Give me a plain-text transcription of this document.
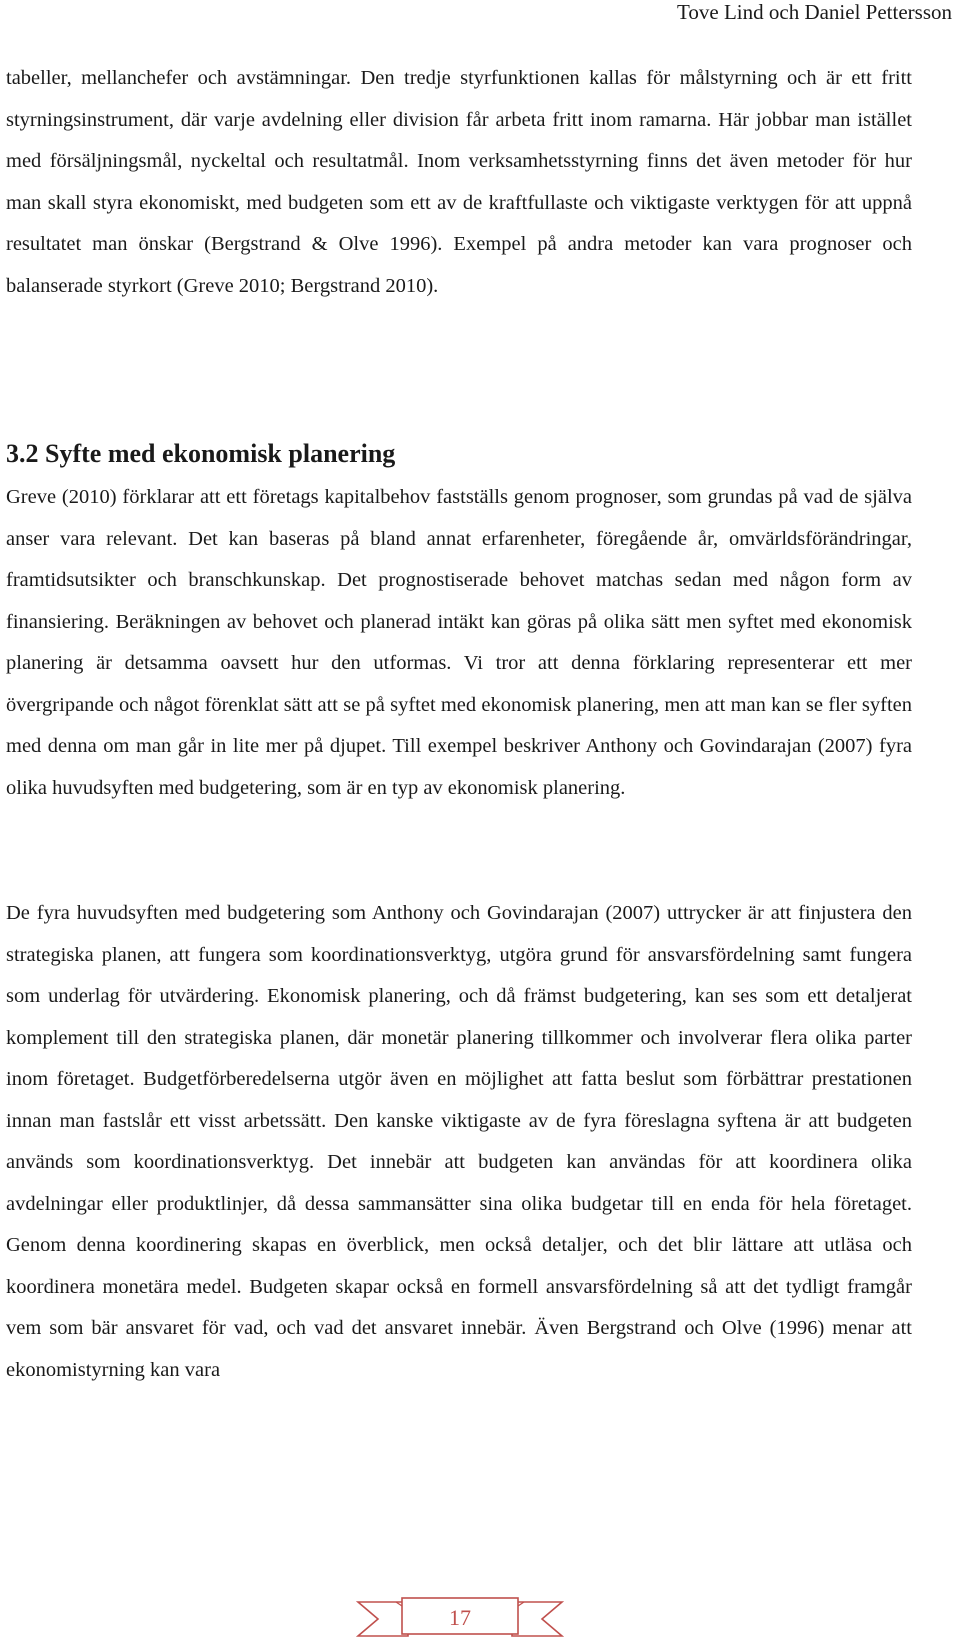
Tove Lind och Daniel Pettersson

tabeller, mellanchefer och avstämningar. Den tredje styrfunktionen kallas för målstyrning och är ett fritt styrningsinstrument, där varje avdelning eller division får arbeta fritt inom ramarna. Här jobbar man istället med försäljningsmål, nyckeltal och resultatmål. Inom verksamhetsstyrning finns det även metoder för hur man skall styra ekonomiskt, med budgeten som ett av de kraftfullaste och viktigaste verktygen för att uppnå resultatet man önskar (Bergstrand & Olve 1996). Exempel på andra metoder kan vara prognoser och balanserade styrkort (Greve 2010; Bergstrand 2010).

3.2 Syfte med ekonomisk planering

Greve (2010) förklarar att ett företags kapitalbehov fastställs genom prognoser, som grundas på vad de själva anser vara relevant. Det kan baseras på bland annat erfarenheter, föregående år, omvärldsförändringar, framtidsutsikter och branschkunskap. Det prognostiserade behovet matchas sedan med någon form av finansiering. Beräkningen av behovet och planerad intäkt kan göras på olika sätt men syftet med ekonomisk planering är detsamma oavsett hur den utformas. Vi tror att denna förklaring representerar ett mer övergripande och något förenklat sätt att se på syftet med ekonomisk planering, men att man kan se fler syften med denna om man går in lite mer på djupet. Till exempel beskriver Anthony och Govindarajan (2007) fyra olika huvudsyften med budgetering, som är en typ av ekonomisk planering.

De fyra huvudsyften med budgetering som Anthony och Govindarajan (2007) uttrycker är att finjustera den strategiska planen, att fungera som koordinationsverktyg, utgöra grund för ansvarsfördelning samt fungera som underlag för utvärdering. Ekonomisk planering, och då främst budgetering, kan ses som ett detaljerat komplement till den strategiska planen, där monetär planering tillkommer och involverar flera olika parter inom företaget. Budgetförberedelserna utgör även en möjlighet att fatta beslut som förbättrar prestationen innan man fastslår ett visst arbetssätt. Den kanske viktigaste av de fyra föreslagna syftena är att budgeten används som koordinationsverktyg. Det innebär att budgeten kan användas för att koordinera olika avdelningar eller produktlinjer, då dessa sammansätter sina olika budgetar till en enda för hela företaget. Genom denna koordinering skapas en överblick, men också detaljer, och det blir lättare att utläsa och koordinera monetära medel. Budgeten skapar också en formell ansvarsfördelning så att det tydligt framgår vem som bär ansvaret för vad, och vad det ansvaret innebär. Även Bergstrand och Olve (1996) menar att ekonomistyrning kan vara

17
